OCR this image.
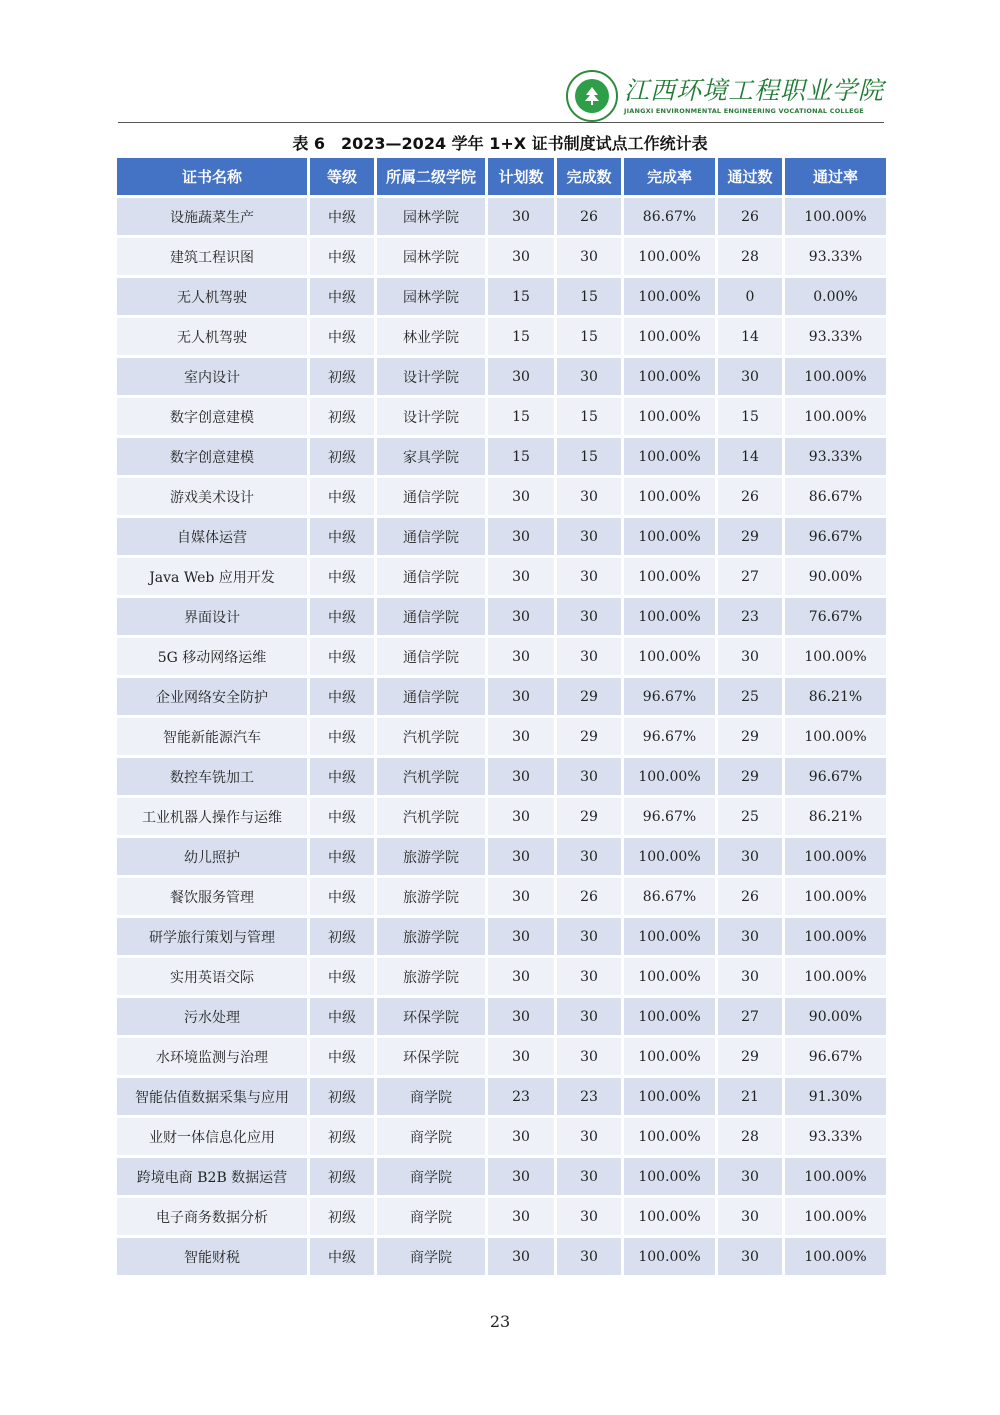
江西环境工程职业学院
JIANGXI ENVIRONMENTAL ENGINEERING VOCATIONAL COLLEGE
表 6　2023—2024 学年 1+X 证书制度试点工作统计表
证书名称	等级	所属二级学院	计划数	完成数	完成率	通过数	通过率
设施蔬菜生产	中级	园林学院	30	26	86.67%	26	100.00%
建筑工程识图	中级	园林学院	30	30	100.00%	28	93.33%
无人机驾驶	中级	园林学院	15	15	100.00%	0	0.00%
无人机驾驶	中级	林业学院	15	15	100.00%	14	93.33%
室内设计	初级	设计学院	30	30	100.00%	30	100.00%
数字创意建模	初级	设计学院	15	15	100.00%	15	100.00%
数字创意建模	初级	家具学院	15	15	100.00%	14	93.33%
游戏美术设计	中级	通信学院	30	30	100.00%	26	86.67%
自媒体运营	中级	通信学院	30	30	100.00%	29	96.67%
Java Web 应用开发	中级	通信学院	30	30	100.00%	27	90.00%
界面设计	中级	通信学院	30	30	100.00%	23	76.67%
5G 移动网络运维	中级	通信学院	30	30	100.00%	30	100.00%
企业网络安全防护	中级	通信学院	30	29	96.67%	25	86.21%
智能新能源汽车	中级	汽机学院	30	29	96.67%	29	100.00%
数控车铣加工	中级	汽机学院	30	30	100.00%	29	96.67%
工业机器人操作与运维	中级	汽机学院	30	29	96.67%	25	86.21%
幼儿照护	中级	旅游学院	30	30	100.00%	30	100.00%
餐饮服务管理	中级	旅游学院	30	26	86.67%	26	100.00%
研学旅行策划与管理	初级	旅游学院	30	30	100.00%	30	100.00%
实用英语交际	中级	旅游学院	30	30	100.00%	30	100.00%
污水处理	中级	环保学院	30	30	100.00%	27	90.00%
水环境监测与治理	中级	环保学院	30	30	100.00%	29	96.67%
智能估值数据采集与应用	初级	商学院	23	23	100.00%	21	91.30%
业财一体信息化应用	初级	商学院	30	30	100.00%	28	93.33%
跨境电商 B2B 数据运营	初级	商学院	30	30	100.00%	30	100.00%
电子商务数据分析	初级	商学院	30	30	100.00%	30	100.00%
智能财税	中级	商学院	30	30	100.00%	30	100.00%
23
